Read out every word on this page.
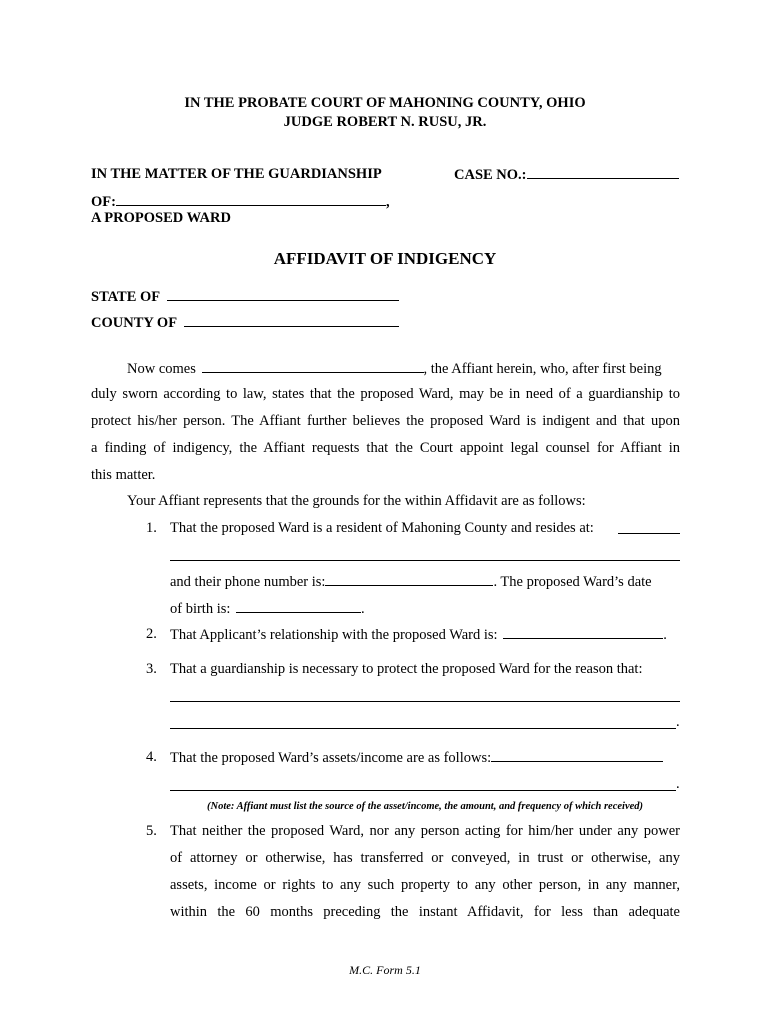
IN THE PROBATE COURT OF MAHONING COUNTY, OHIO
JUDGE ROBERT N. RUSU, JR.
IN THE MATTER OF THE GUARDIANSHIP	CASE NO.:
OF:	,
A PROPOSED WARD
AFFIDAVIT OF INDIGENCY
STATE OF
COUNTY OF
Now comes	, the Affiant herein, who, after first being
duly sworn according to law, states that the proposed Ward, may be in need of a guardianship to
protect his/her person. The Affiant further believes the proposed Ward is indigent and that upon
a finding of indigency, the Affiant requests that the Court appoint legal counsel for Affiant in
this matter.
Your Affiant represents that the grounds for the within Affidavit are as follows:
1. That the proposed Ward is a resident of Mahoning County and resides at:
and their phone number is:	. The proposed Ward’s date
of birth is:	.
2. That Applicant’s relationship with the proposed Ward is:	.
3. That a guardianship is necessary to protect the proposed Ward for the reason that:
.
4. That the proposed Ward’s assets/income are as follows:
.
(Note: Affiant must list the source of the asset/income, the amount, and frequency of which received)
5. That neither the proposed Ward, nor any person acting for him/her under any power
of attorney or otherwise, has transferred or conveyed, in trust or otherwise, any
assets, income or rights to any such property to any other person, in any manner,
within the 60 months preceding the instant Affidavit, for less than adequate
M.C. Form 5.1
